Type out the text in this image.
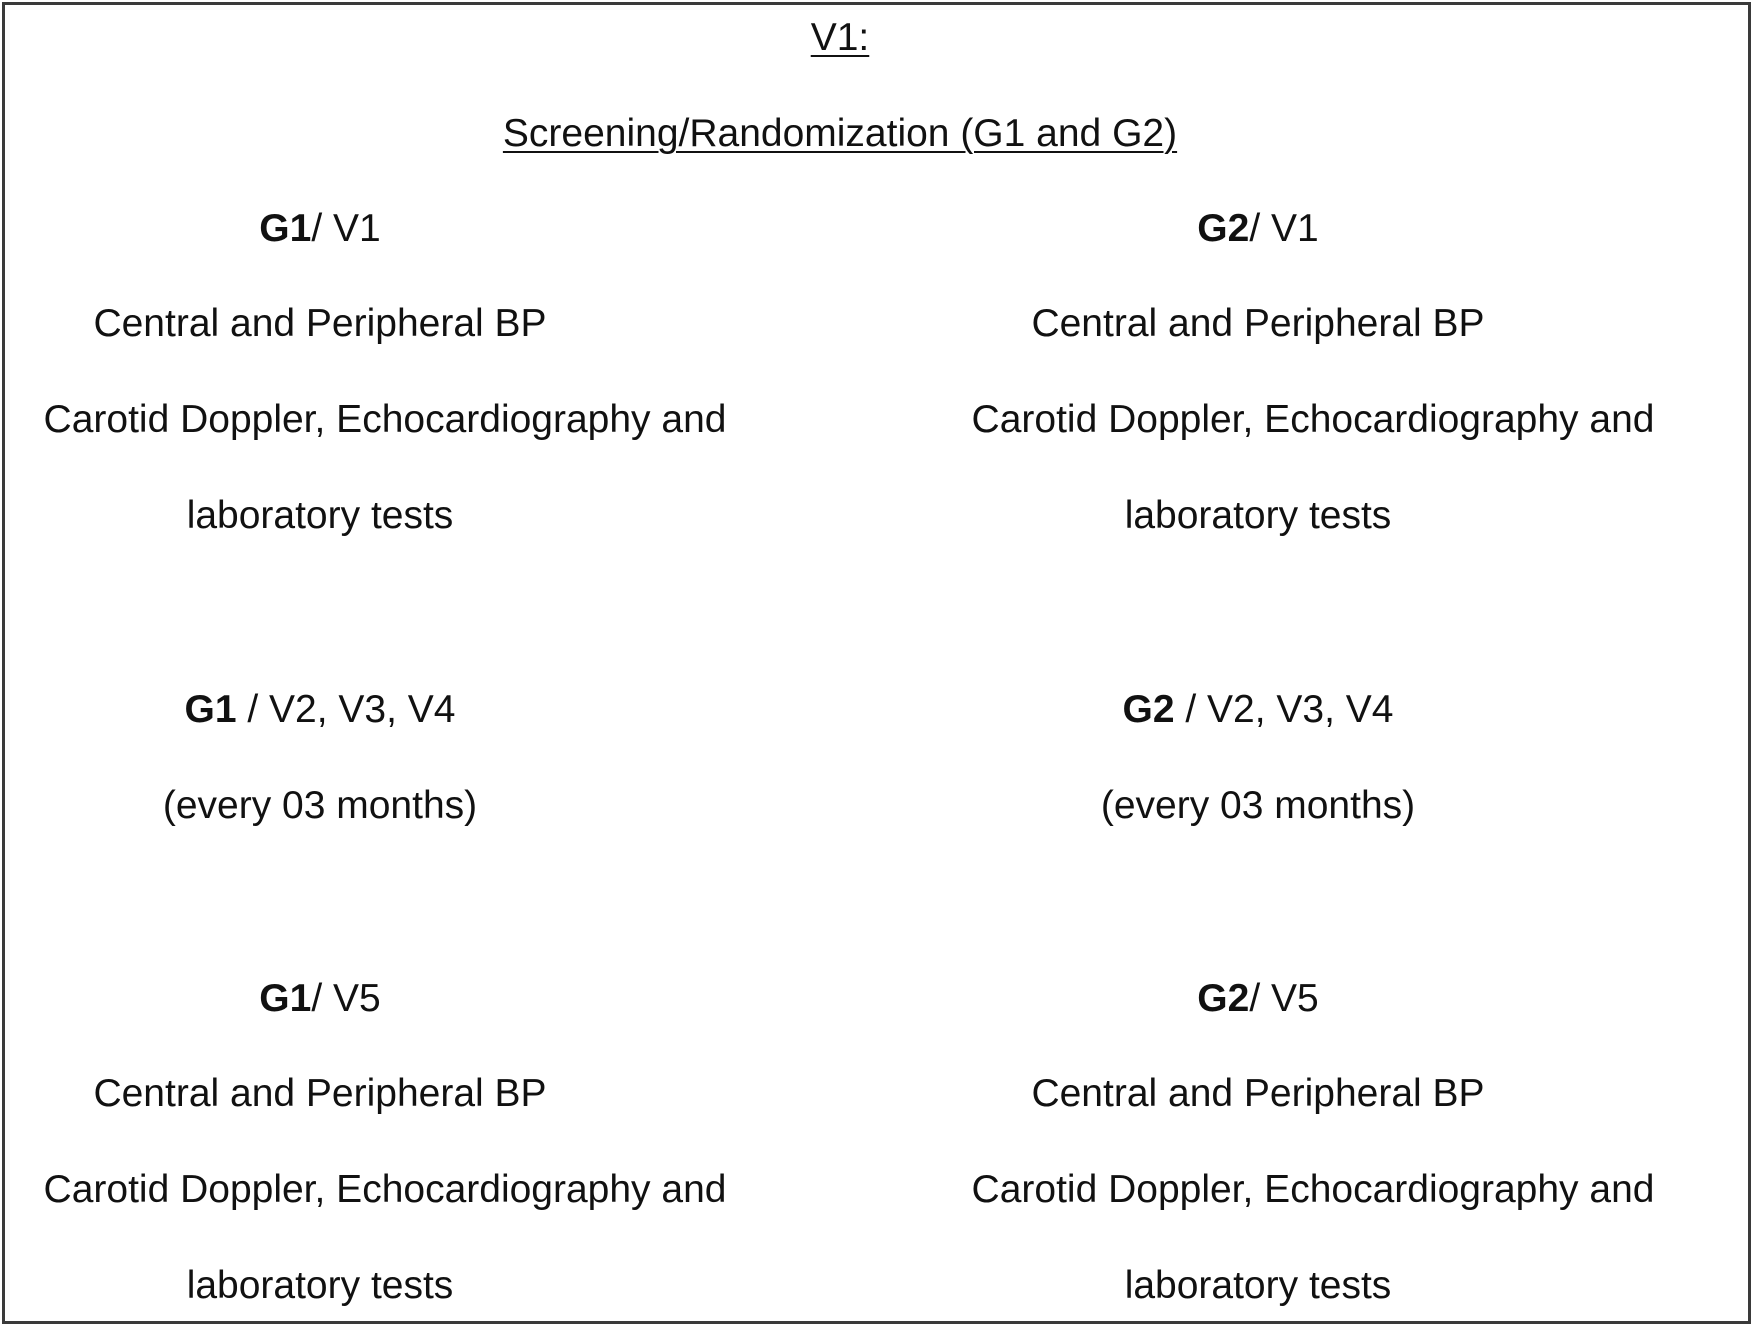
V1:
Screening/Randomization (G1 and G2)
G1/ V1
Central and Peripheral BP
Carotid Doppler, Echocardiography and
laboratory tests
G2/ V1
Central and Peripheral BP
Carotid Doppler, Echocardiography and
laboratory tests
G1 / V2, V3, V4
(every 03 months)
G2 / V2, V3, V4
(every 03 months)
G1/ V5
Central and Peripheral BP
Carotid Doppler, Echocardiography and
laboratory tests
G2/ V5
Central and Peripheral BP
Carotid Doppler, Echocardiography and
laboratory tests
